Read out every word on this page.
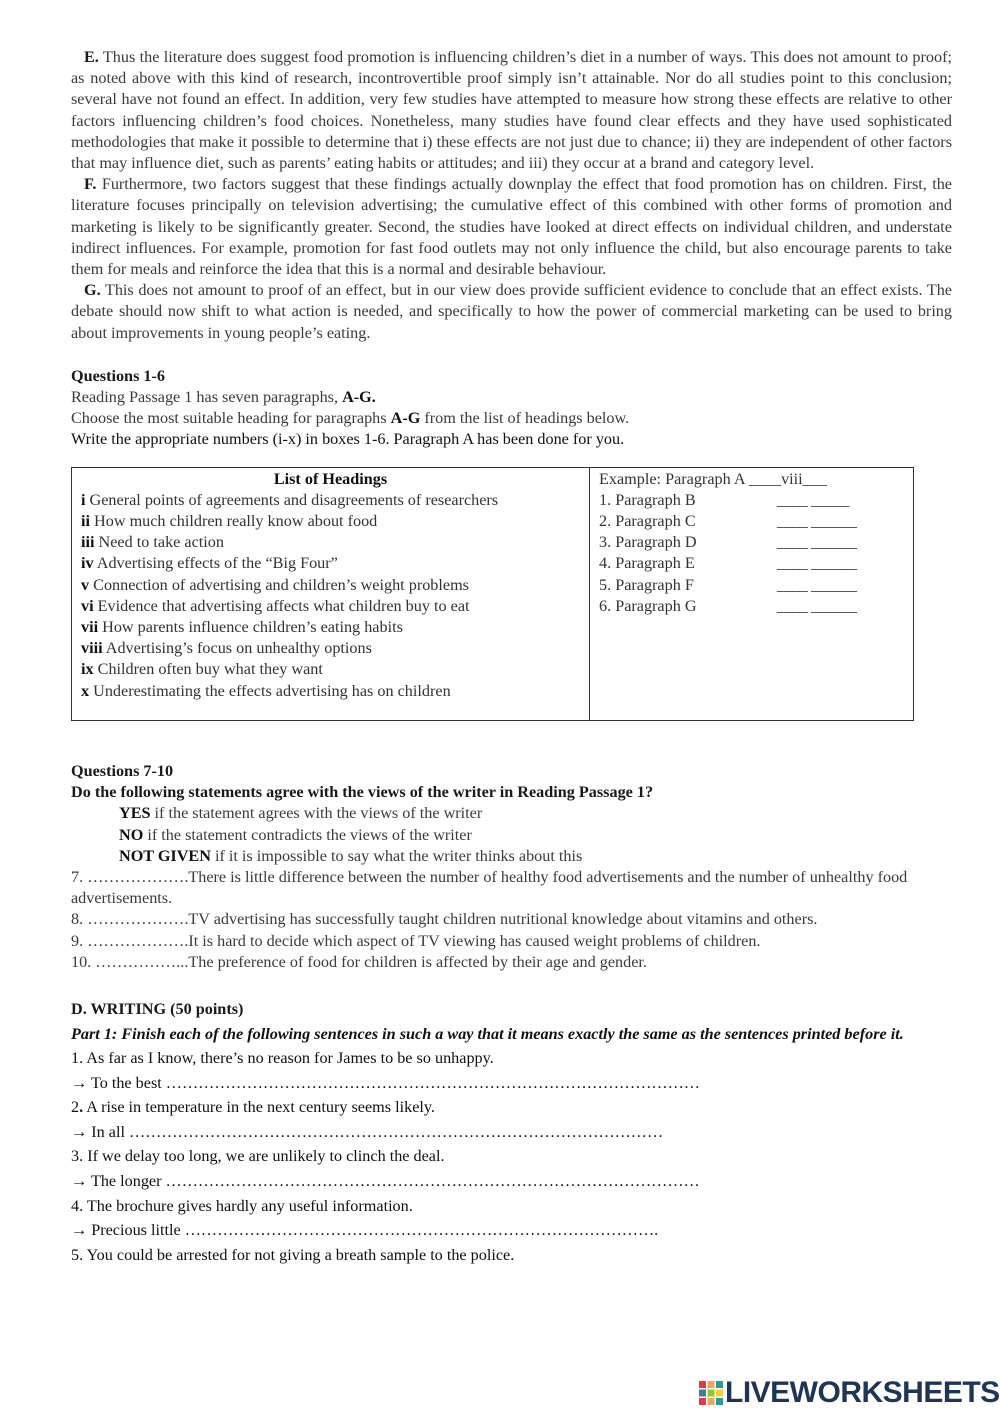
E. Thus the literature does suggest food promotion is influencing children’s diet in a number of ways. This does not amount to proof; as noted above with this kind of research, incontrovertible proof simply isn’t attainable. Nor do all studies point to this conclusion; several have not found an effect. In addition, very few studies have attempted to measure how strong these effects are relative to other factors influencing children’s food choices. Nonetheless, many studies have found clear effects and they have used sophisticated methodologies that make it possible to determine that i) these effects are not just due to chance; ii) they are independent of other factors that may influence diet, such as parents’ eating habits or attitudes; and iii) they occur at a brand and category level.

F. Furthermore, two factors suggest that these findings actually downplay the effect that food promotion has on children. First, the literature focuses principally on television advertising; the cumulative effect of this combined with other forms of promotion and marketing is likely to be significantly greater. Second, the studies have looked at direct effects on individual children, and understate indirect influences. For example, promotion for fast food outlets may not only influence the child, but also encourage parents to take them for meals and reinforce the idea that this is a normal and desirable behaviour.

G. This does not amount to proof of an effect, but in our view does provide sufficient evidence to conclude that an effect exists. The debate should now shift to what action is needed, and specifically to how the power of commercial marketing can be used to bring about improvements in young people’s eating.

Questions 1-6

Reading Passage 1 has seven paragraphs, A-G.

Choose the most suitable heading for paragraphs A-G from the list of headings below.

Write the appropriate numbers (i-x) in boxes 1-6. Paragraph A has been done for you.

List of Headings
i General points of agreements and disagreements of researchers
ii How much children really know about food
iii Need to take action
iv Advertising effects of the “Big Four”
v Connection of advertising and children’s weight problems
vi Evidence that advertising affects what children buy to eat
vii How parents influence children’s eating habits
viii Advertising’s focus on unhealthy options
ix Children often buy what they want
x Underestimating the effects advertising has on children

Example: Paragraph A ____viii___
1. Paragraph B	____ _____
2. Paragraph C	____ ______
3. Paragraph D	____ ______
4. Paragraph E	____ ______
5. Paragraph F	____ ______
6. Paragraph G	____ ______

Questions 7-10

Do the following statements agree with the views of the writer in Reading Passage 1?

YES if the statement agrees with the views of the writer

NO if the statement contradicts the views of the writer

NOT GIVEN if it is impossible to say what the writer thinks about this

7. ……………….There is little difference between the number of healthy food advertisements and the number of unhealthy food advertisements.

8. ……………….TV advertising has successfully taught children nutritional knowledge about vitamins and others.

9. ……………….It is hard to decide which aspect of TV viewing has caused weight problems of children.

10. ……………...The preference of food for children is affected by their age and gender.

D. WRITING (50 points)

Part 1: Finish each of the following sentences in such a way that it means exactly the same as the sentences printed before it.

1. As far as I know, there’s no reason for James to be so unhappy.

→ To the best ………………………………………………………………………………………

2. A rise in temperature in the next century seems likely.

→ In all ………………………………………………………………………………………

3. If we delay too long, we are unlikely to clinch the deal.

→ The longer ………………………………………………………………………………………

4. The brochure gives hardly any useful information.

→ Precious little …………………………………………………………………………….

5. You could be arrested for not giving a breath sample to the police.

LIVEWORKSHEETS
